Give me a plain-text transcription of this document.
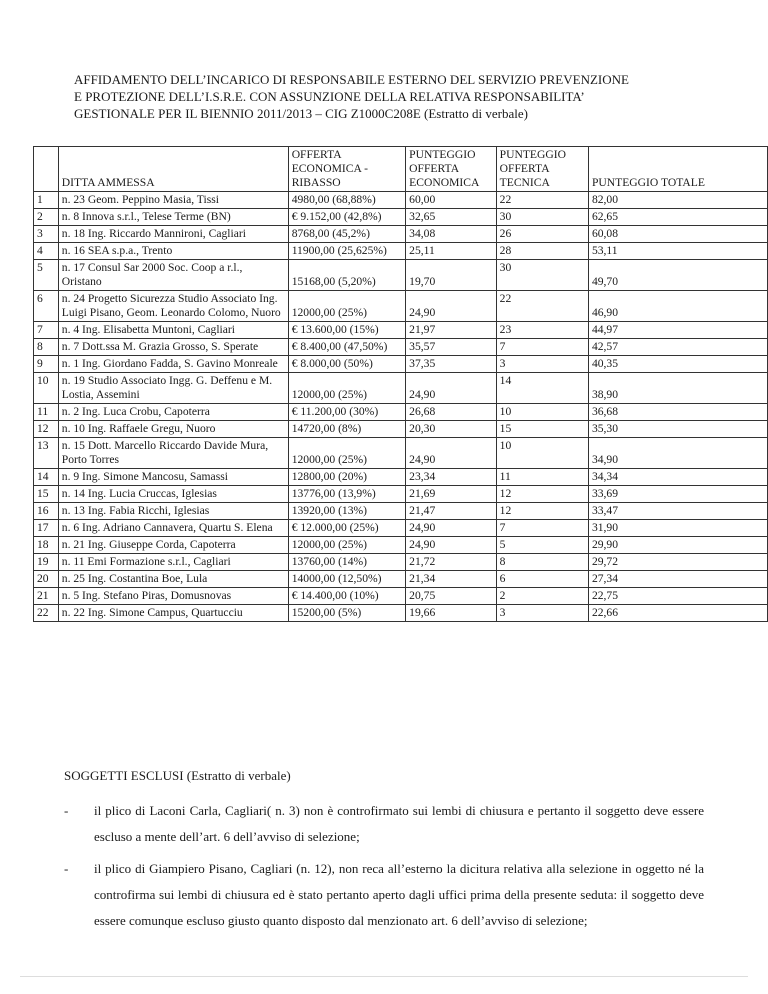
AFFIDAMENTO DELL’INCARICO DI RESPONSABILE ESTERNO DEL SERVIZIO PREVENZIONE
E PROTEZIONE DELL’I.S.R.E. CON ASSUNZIONE DELLA RELATIVA RESPONSABILITA’
GESTIONALE PER IL BIENNIO 2011/2013 – CIG Z1000C208E (Estratto di verbale)
	DITTA AMMESSA	OFFERTA ECONOMICA - RIBASSO	PUNTEGGIO OFFERTA ECONOMICA	PUNTEGGIO OFFERTA TECNICA	PUNTEGGIO TOTALE
1	n. 23 Geom. Peppino Masia, Tissi	4980,00 (68,88%)	60,00	22	82,00
2	n. 8 Innova s.r.l., Telese Terme (BN)	€ 9.152,00 (42,8%)	32,65	30	62,65
3	n. 18 Ing. Riccardo Mannironi, Cagliari	8768,00 (45,2%)	34,08	26	60,08
4	n. 16 SEA s.p.a., Trento	11900,00 (25,625%)	25,11	28	53,11
5	n. 17 Consul Sar 2000 Soc. Coop a r.l., Oristano	15168,00 (5,20%)	19,70	30	49,70
6	n. 24 Progetto Sicurezza Studio Associato Ing. Luigi Pisano, Geom. Leonardo Colomo, Nuoro	12000,00 (25%)	24,90	22	46,90
7	n. 4 Ing. Elisabetta Muntoni, Cagliari	€ 13.600,00 (15%)	21,97	23	44,97
8	n. 7 Dott.ssa M. Grazia Grosso, S. Sperate	€ 8.400,00 (47,50%)	35,57	7	42,57
9	n. 1 Ing. Giordano Fadda, S. Gavino Monreale	€ 8.000,00 (50%)	37,35	3	40,35
10	n. 19 Studio Associato Ingg. G. Deffenu e M. Lostia, Assemini	12000,00 (25%)	24,90	14	38,90
11	n. 2 Ing. Luca Crobu, Capoterra	€ 11.200,00 (30%)	26,68	10	36,68
12	n. 10 Ing. Raffaele Gregu, Nuoro	14720,00 (8%)	20,30	15	35,30
13	n. 15 Dott. Marcello Riccardo Davide Mura, Porto Torres	12000,00 (25%)	24,90	10	34,90
14	n. 9 Ing. Simone Mancosu, Samassi	12800,00 (20%)	23,34	11	34,34
15	n. 14 Ing. Lucia Cruccas, Iglesias	13776,00 (13,9%)	21,69	12	33,69
16	n. 13 Ing. Fabia Ricchi, Iglesias	13920,00 (13%)	21,47	12	33,47
17	n. 6 Ing. Adriano Cannavera, Quartu S. Elena	€ 12.000,00 (25%)	24,90	7	31,90
18	n. 21 Ing. Giuseppe Corda, Capoterra	12000,00 (25%)	24,90	5	29,90
19	n. 11 Emi Formazione s.r.l., Cagliari	13760,00 (14%)	21,72	8	29,72
20	n. 25 Ing. Costantina Boe, Lula	14000,00 (12,50%)	21,34	6	27,34
21	n. 5 Ing. Stefano Piras, Domusnovas	€ 14.400,00 (10%)	20,75	2	22,75
22	n. 22 Ing. Simone Campus, Quartucciu	15200,00 (5%)	19,66	3	22,66
SOGGETTI ESCLUSI (Estratto di verbale)
- il plico di Laconi Carla, Cagliari( n. 3) non è controfirmato sui lembi di chiusura e pertanto il soggetto deve essere escluso a mente dell’art. 6 dell’avviso di selezione;
- il plico di Giampiero Pisano, Cagliari (n. 12), non reca all’esterno la dicitura relativa alla selezione in oggetto né la controfirma sui lembi di chiusura ed è stato pertanto aperto dagli uffici prima della presente seduta: il soggetto deve essere comunque escluso giusto quanto disposto dal menzionato art. 6 dell’avviso di selezione;
